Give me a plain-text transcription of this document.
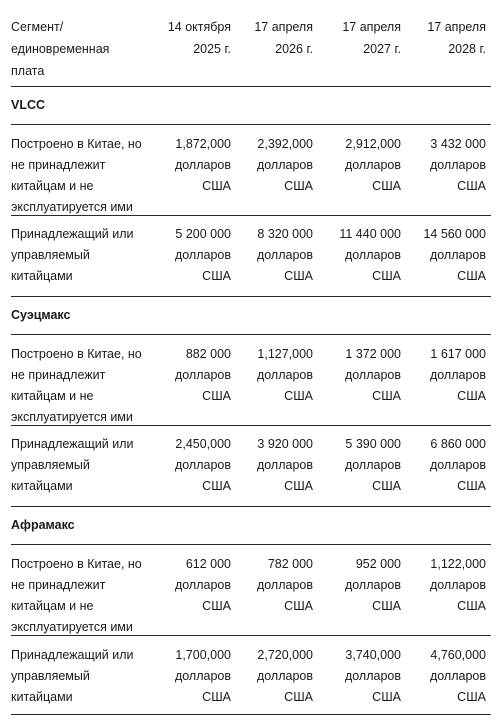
Сегмент/
единовременная
плата
14 октября
2025 г.
17 апреля
2026 г.
17 апреля
2027 г.
17 апреля
2028 г.
VLCC
Построено в Китае, но
не принадлежит
китайцам и не
эксплуатируется ими
1,872,000
долларов
США
2,392,000
долларов
США
2,912,000
долларов
США
3 432 000
долларов
США
Принадлежащий или
управляемый
китайцами
5 200 000
долларов
США
8 320 000
долларов
США
11 440 000
долларов
США
14 560 000
долларов
США
Суэцмакс
Построено в Китае, но
не принадлежит
китайцам и не
эксплуатируется ими
882 000
долларов
США
1,127,000
долларов
США
1 372 000
долларов
США
1 617 000
долларов
США
Принадлежащий или
управляемый
китайцами
2,450,000
долларов
США
3 920 000
долларов
США
5 390 000
долларов
США
6 860 000
долларов
США
Афрамакс
Построено в Китае, но
не принадлежит
китайцам и не
эксплуатируется ими
612 000
долларов
США
782 000
долларов
США
952 000
долларов
США
1,122,000
долларов
США
Принадлежащий или
управляемый
китайцами
1,700,000
долларов
США
2,720,000
долларов
США
3,740,000
долларов
США
4,760,000
долларов
США
